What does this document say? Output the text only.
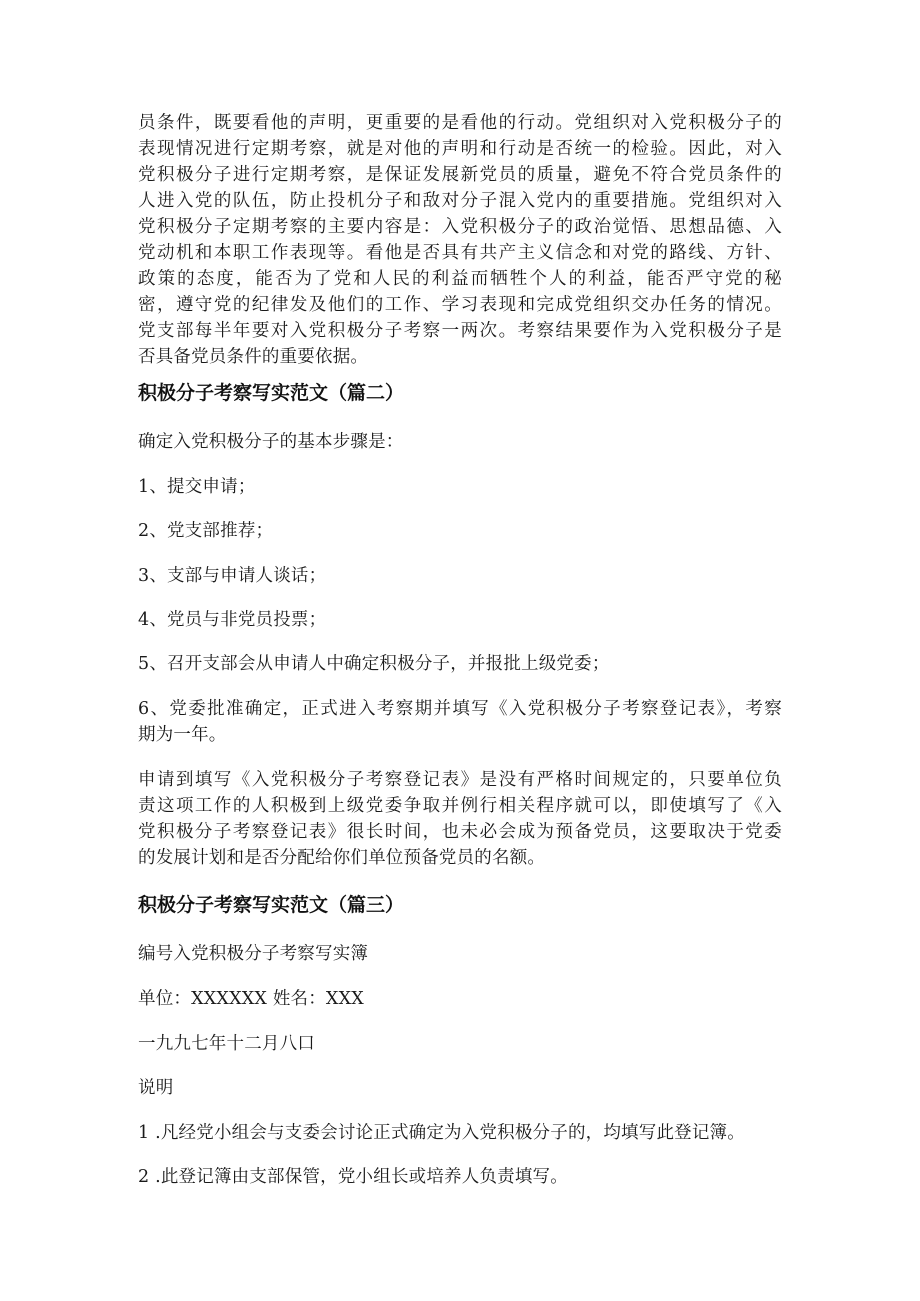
员条件，既要看他的声明，更重要的是看他的行动。党组织对入党积极分子的
表现情况进行定期考察，就是对他的声明和行动是否统一的检验。因此，对入
党积极分子进行定期考察，是保证发展新党员的质量，避免不符合党员条件的
人进入党的队伍，防止投机分子和敌对分子混入党内的重要措施。党组织对入
党积极分子定期考察的主要内容是：入党积极分子的政治觉悟、思想品德、入
党动机和本职工作表现等。看他是否具有共产主义信念和对党的路线、方针、
政策的态度，能否为了党和人民的利益而牺牲个人的利益，能否严守党的秘
密，遵守党的纪律发及他们的工作、学习表现和完成党组织交办任务的情况。
党支部每半年要对入党积极分子考察一两次。考察结果要作为入党积极分子是
否具备党员条件的重要依据。
积极分子考察写实范文（篇二）

确定入党积极分子的基本步骤是：

1、提交申请；

2、党支部推荐；

3、支部与申请人谈话；

4、党员与非党员投票；

5、召开支部会从申请人中确定积极分子，并报批上级党委；

6、党委批准确定，正式进入考察期并填写《入党积极分子考察登记表》，考察
期为一年。
申请到填写《入党积极分子考察登记表》是没有严格时间规定的，只要单位负
责这项工作的人积极到上级党委争取并例行相关程序就可以，即使填写了《入
党积极分子考察登记表》很长时间，也未必会成为预备党员，这要取决于党委
的发展计划和是否分配给你们单位预备党员的名额。
积极分子考察写实范文（篇三）

编号入党积极分子考察写实簿

单位：XXXXXX 姓名：XXX

一九九七年十二月八口

说明

1 .凡经党小组会与支委会讨论正式确定为入党积极分子的，均填写此登记簿。

2 .此登记簿由支部保管，党小组长或培养人负责填写。
